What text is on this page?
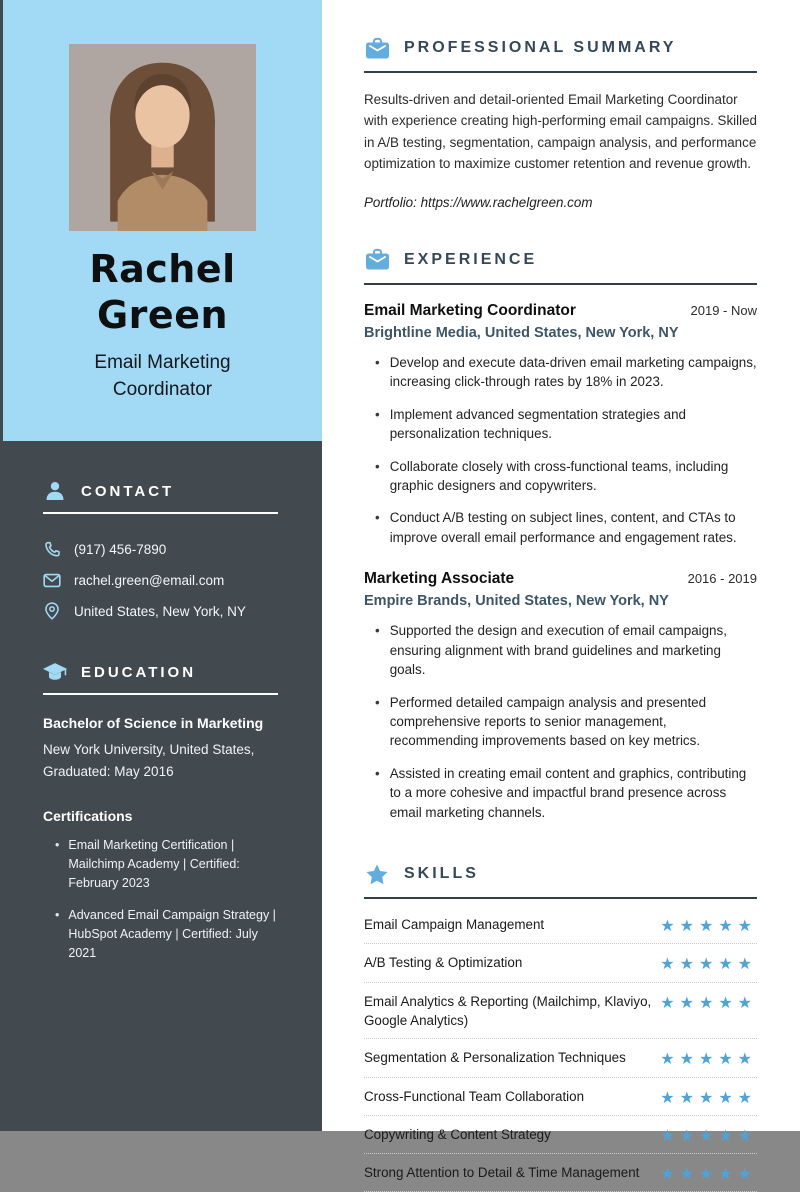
Rachel
Green
Email Marketing Coordinator
CONTACT
(917) 456-7890
rachel.green@email.com
United States, New York, NY
EDUCATION
Bachelor of Science in Marketing
New York University, United States, Graduated: May 2016
Certifications
•
Email Marketing Certification | Mailchimp Academy | Certified: February 2023
•
Advanced Email Campaign Strategy | HubSpot Academy | Certified: July 2021
PROFESSIONAL SUMMARY

Results-driven and detail-oriented Email Marketing Coordinator with experience creating high-performing email campaigns. Skilled in A/B testing, segmentation, campaign analysis, and performance optimization to maximize customer retention and revenue growth.

Portfolio: https://www.rachelgreen.com

EXPERIENCE
Email Marketing Coordinator	2019 - Now
Brightline Media, United States, New York, NY
•
Develop and execute data-driven email marketing campaigns, increasing click-through rates by 18% in 2023.
•
Implement advanced segmentation strategies and personalization techniques.
•
Collaborate closely with cross-functional teams, including graphic designers and copywriters.
•
Conduct A/B testing on subject lines, content, and CTAs to improve overall email performance and engagement rates.
Marketing Associate	2016 - 2019
Empire Brands, United States, New York, NY
•
Supported the design and execution of email campaigns, ensuring alignment with brand guidelines and marketing goals.
•
Performed detailed campaign analysis and presented comprehensive reports to senior management, recommending improvements based on key metrics.
•
Assisted in creating email content and graphics, contributing to a more cohesive and impactful brand presence across email marketing channels.
SKILLS
Email Campaign Management	★★★★★
A/B Testing & Optimization	★★★★★
Email Analytics & Reporting (Mailchimp, Klaviyo, Google Analytics)
★★★★★
Segmentation & Personalization Techniques ★★★★★
Cross-Functional Team Collaboration	★★★★★
Copywriting & Content Strategy	★★★★★
Strong Attention to Detail & Time Management ★★★★★
